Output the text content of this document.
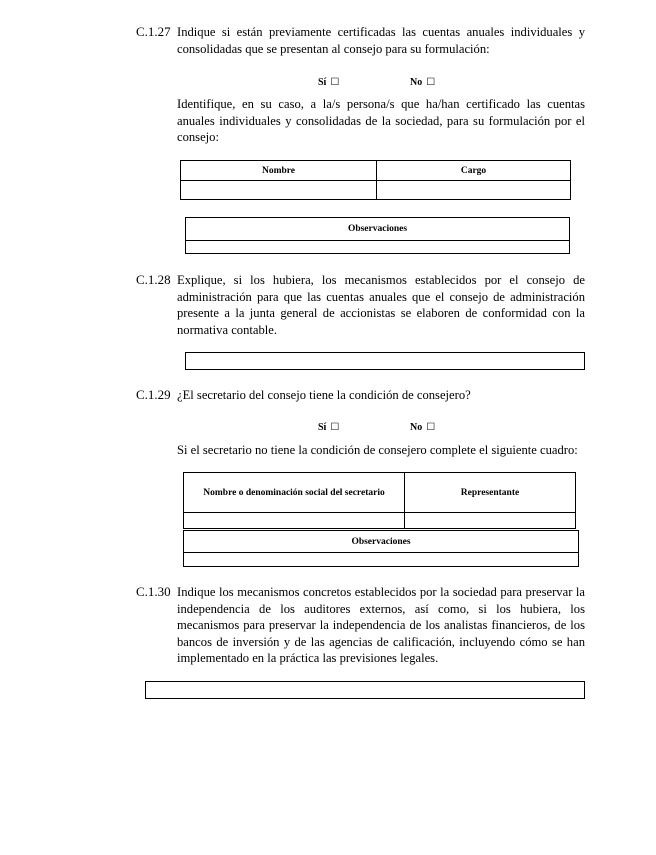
C.1.27 Indique si están previamente certificadas las cuentas anuales individuales y consolidadas que se presentan al consejo para su formulación:
Sí ☐	No ☐
Identifique, en su caso, a la/s persona/s que ha/han certificado las cuentas anuales individuales y consolidadas de la sociedad, para su formulación por el consejo:
Nombre	Cargo

Observaciones
C.1.28 Explique, si los hubiera, los mecanismos establecidos por el consejo de administración para que las cuentas anuales que el consejo de administración presente a la junta general de accionistas se elaboren de conformidad con la normativa contable.
C.1.29 ¿El secretario del consejo tiene la condición de consejero?
Sí ☐	No ☐
Si el secretario no tiene la condición de consejero complete el siguiente cuadro:
Nombre o denominación social del secretario	Representante

Observaciones
C.1.30 Indique los mecanismos concretos establecidos por la sociedad para preservar la independencia de los auditores externos, así como, si los hubiera, los mecanismos para preservar la independencia de los analistas financieros, de los bancos de inversión y de las agencias de calificación, incluyendo cómo se han implementado en la práctica las previsiones legales.
